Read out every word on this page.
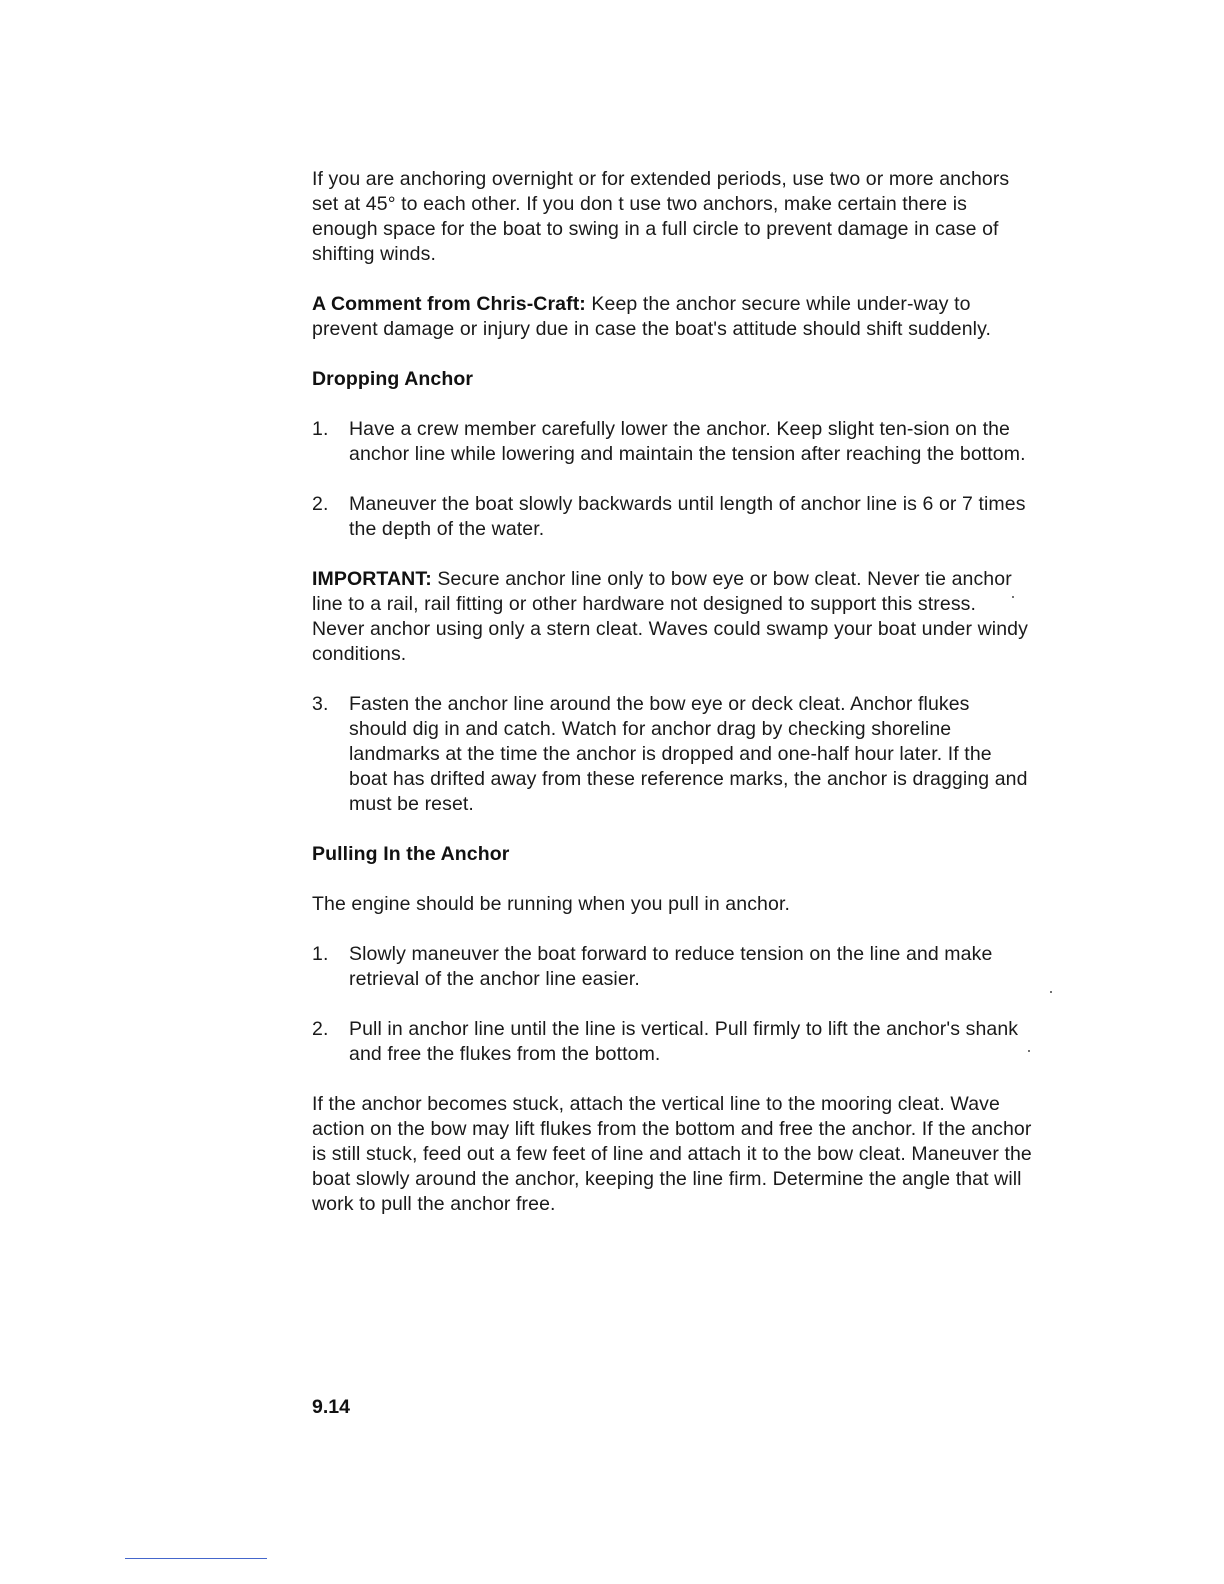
If you are anchoring overnight or for extended periods, use two or more anchors set at 45° to each other. If you don t use two anchors, make certain there is enough space for the boat to swing in a full circle to prevent damage in case of shifting winds.

A Comment from Chris-Craft: Keep the anchor secure while under-way to prevent damage or injury due in case the boat's attitude should shift suddenly.

Dropping Anchor
1.	Have a crew member carefully lower the anchor. Keep slight ten-sion on the anchor line while lowering and maintain the tension after reaching the bottom.
2.	Maneuver the boat slowly backwards until length of anchor line is 6 or 7 times the depth of the water.

IMPORTANT: Secure anchor line only to bow eye or bow cleat. Never tie anchor line to a rail, rail fitting or other hardware not designed to support this stress. Never anchor using only a stern cleat. Waves could swamp your boat under windy conditions.

3.	Fasten the anchor line around the bow eye or deck cleat. Anchor flukes should dig in and catch. Watch for anchor drag by checking shoreline landmarks at the time the anchor is dropped and one-half hour later. If the boat has drifted away from these reference marks, the anchor is dragging and must be reset.
Pulling In the Anchor

The engine should be running when you pull in anchor.

1.	Slowly maneuver the boat forward to reduce tension on the line and make retrieval of the anchor line easier.
2.	Pull in anchor line until the line is vertical. Pull firmly to lift the anchor's shank and free the flukes from the bottom.

If the anchor becomes stuck, attach the vertical line to the mooring cleat. Wave action on the bow may lift flukes from the bottom and free the anchor. If the anchor is still stuck, feed out a few feet of line and attach it to the bow cleat. Maneuver the boat slowly around the anchor, keeping the line firm. Determine the angle that will work to pull the anchor free.

9.14
